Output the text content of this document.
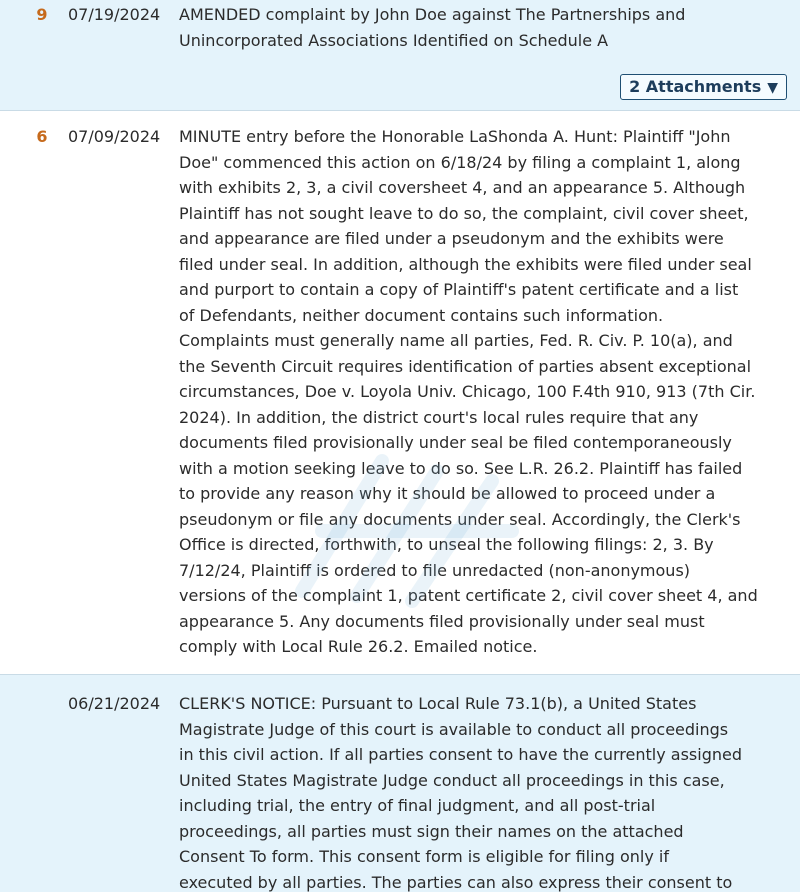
9	07/19/2024 AMENDED complaint by John Doe against The Partnerships and
Unincorporated Associations Identified on Schedule A
2 Attachments ▼
6	07/09/2024 MINUTE entry before the Honorable LaShonda A. Hunt: Plaintiff "John
Doe" commenced this action on 6/18/24 by filing a complaint 1, along
with exhibits 2, 3, a civil coversheet 4, and an appearance 5. Although
Plaintiff has not sought leave to do so, the complaint, civil cover sheet,
and appearance are filed under a pseudonym and the exhibits were
filed under seal. In addition, although the exhibits were filed under seal
and purport to contain a copy of Plaintiff's patent certificate and a list
of Defendants, neither document contains such information.
Complaints must generally name all parties, Fed. R. Civ. P. 10(a), and
the Seventh Circuit requires identification of parties absent exceptional
circumstances, Doe v. Loyola Univ. Chicago, 100 F.4th 910, 913 (7th Cir.
2024). In addition, the district court's local rules require that any
documents filed provisionally under seal be filed contemporaneously
with a motion seeking leave to do so. See L.R. 26.2. Plaintiff has failed
to provide any reason why it should be allowed to proceed under a
pseudonym or file any documents under seal. Accordingly, the Clerk's
Office is directed, forthwith, to unseal the following filings: 2, 3. By
7/12/24, Plaintiff is ordered to file unredacted (non-anonymous)
versions of the complaint 1, patent certificate 2, civil cover sheet 4, and
appearance 5. Any documents filed provisionally under seal must
comply with Local Rule 26.2. Emailed notice.
06/21/2024 CLERK'S NOTICE: Pursuant to Local Rule 73.1(b), a United States
Magistrate Judge of this court is available to conduct all proceedings
in this civil action. If all parties consent to have the currently assigned
United States Magistrate Judge conduct all proceedings in this case,
including trial, the entry of final judgment, and all post-trial
proceedings, all parties must sign their names on the attached
Consent To form. This consent form is eligible for filing only if
executed by all parties. The parties can also express their consent to
